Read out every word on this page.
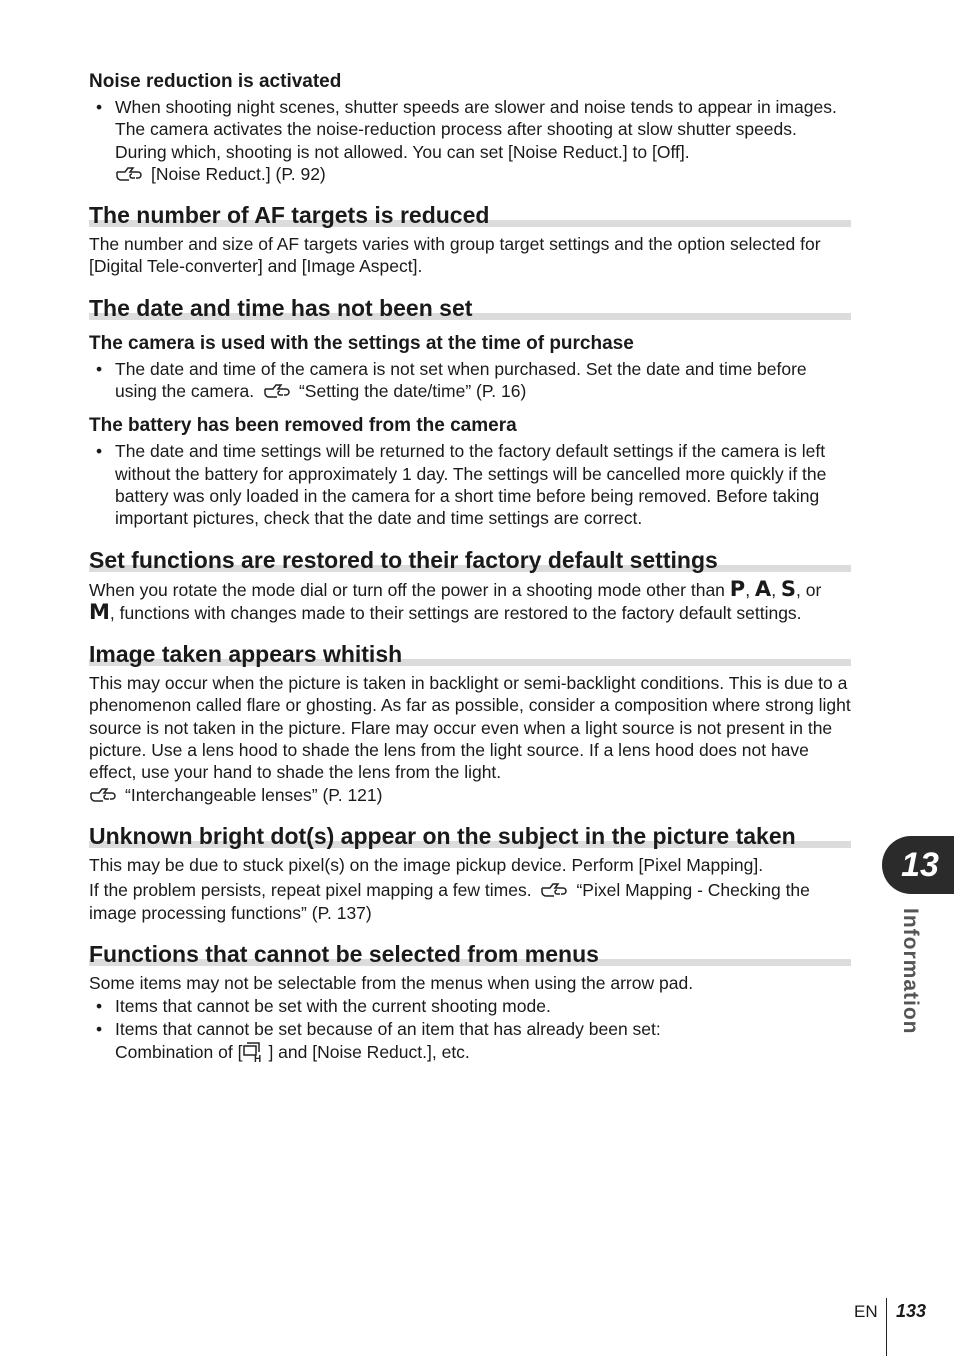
Noise reduction is activated
• When shooting night scenes, shutter speeds are slower and noise tends to appear in images. The camera activates the noise-reduction process after shooting at slow shutter speeds. During which, shooting is not allowed. You can set [Noise Reduct.] to [Off].

[Noise Reduct.] (P. 92)
The number of AF targets is reduced

The number and size of AF targets varies with group target settings and the option selected for [Digital Tele-converter] and [Image Aspect].

The date and time has not been set
The camera is used with the settings at the time of purchase
• The date and time of the camera is not set when purchased. Set the date and time before using the camera.	“Setting the date/time” (P. 16)
The battery has been removed from the camera
• The date and time settings will be returned to the factory default settings if the camera is left without the battery for approximately 1 day. The settings will be cancelled more quickly if the battery was only loaded in the camera for a short time before being removed. Before taking important pictures, check that the date and time settings are correct.
Set functions are restored to their factory default settings

When you rotate the mode dial or turn off the power in a shooting mode other than P, A, S, or M, functions with changes made to their settings are restored to the factory default settings.

Image taken appears whitish

This may occur when the picture is taken in backlight or semi-backlight conditions. This is due to a phenomenon called flare or ghosting. As far as possible, consider a composition where strong light source is not taken in the picture. Flare may occur even when a light source is not present in the picture. Use a lens hood to shade the lens from the light source. If a lens hood does not have effect, use your hand to shade the lens from the light.

“Interchangeable lenses” (P. 121)

Unknown bright dot(s) appear on the subject in the picture taken

This may be due to stuck pixel(s) on the image pickup device. Perform [Pixel Mapping].

If the problem persists, repeat pixel mapping a few times.	“Pixel Mapping - Checking the image processing functions” (P. 137)

Functions that cannot be selected from menus

Some items may not be selectable from the menus when using the arrow pad.

• Items that cannot be set with the current shooting mode.
• Items that cannot be set because of an item that has already been set:
Combination of [ H ] and [Noise Reduct.], etc.
13
Information
EN 133
